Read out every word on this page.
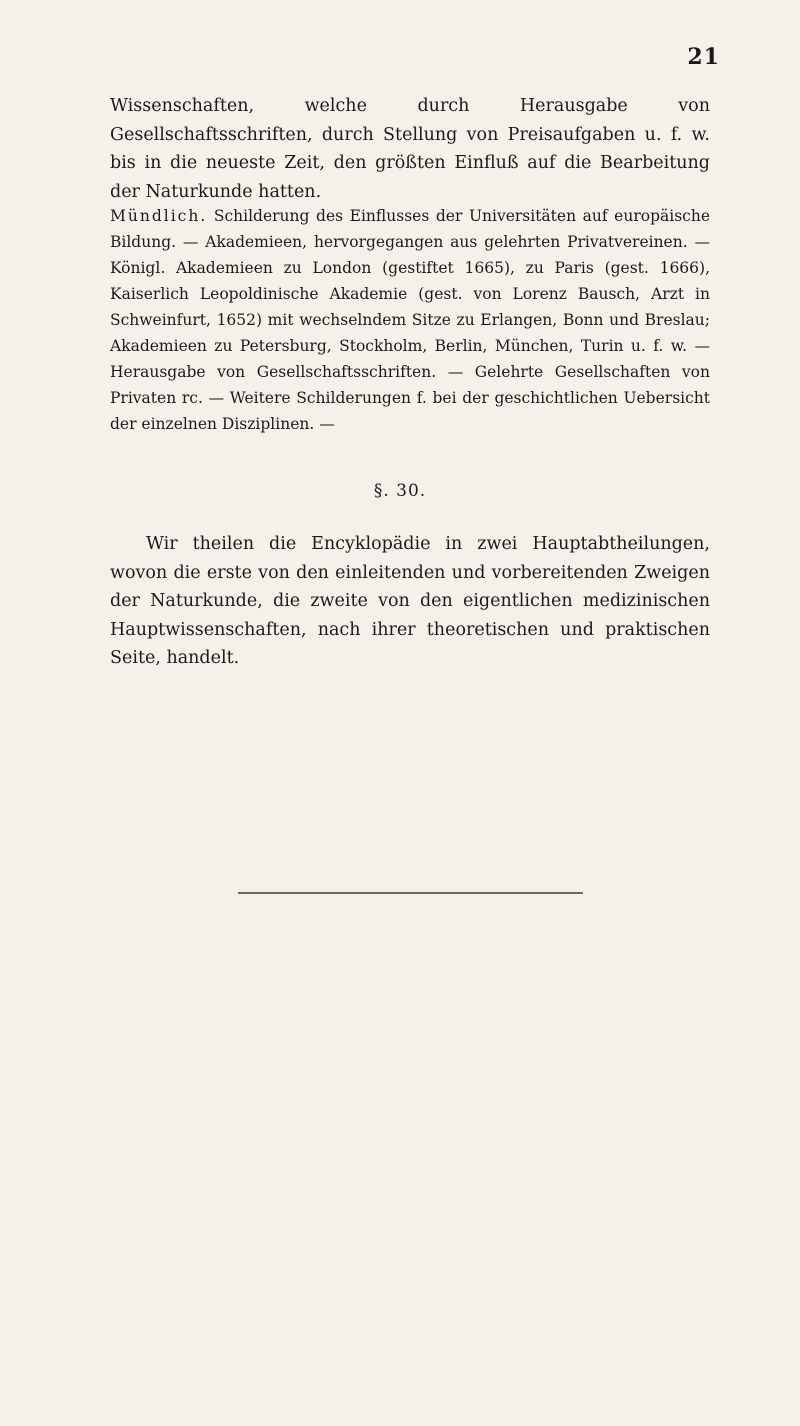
21

Wissenschaften, welche durch Herausgabe von Gesellschaftsschriften, durch Stellung von Preisaufgaben u. f. w. bis in die neueste Zeit, den größten Einfluß auf die Bearbeitung der Naturkunde hatten.

Mündlich. Schilderung des Einflusses der Universitäten auf europäische Bildung. — Akademieen, hervorgegangen aus gelehrten Privatvereinen. — Königl. Akademieen zu London (gestiftet 1665), zu Paris (gest. 1666), Kaiserlich Leopoldinische Akademie (gest. von Lorenz Bausch, Arzt in Schweinfurt, 1652) mit wechselndem Sitze zu Erlangen, Bonn und Breslau; Akademieen zu Petersburg, Stockholm, Berlin, München, Turin u. f. w. — Herausgabe von Gesellschaftsschriften. — Gelehrte Gesellschaften von Privaten rc. — Weitere Schilderungen f. bei der geschichtlichen Uebersicht der einzelnen Disziplinen. —

§. 30.

Wir theilen die Encyklopädie in zwei Hauptabtheilungen, wovon die erste von den einleitenden und vorbereitenden Zweigen der Naturkunde, die zweite von den eigentlichen medizinischen Hauptwissenschaften, nach ihrer theoretischen und praktischen Seite, handelt.
